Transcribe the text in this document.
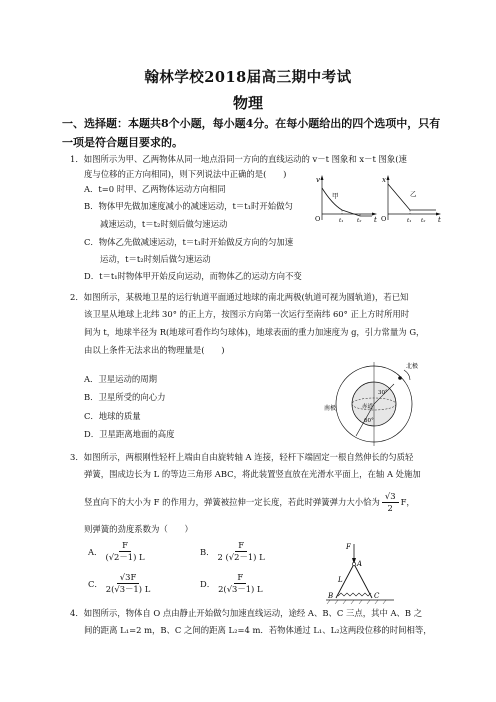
翰林学校2018届高三期中考试
物理
一、选择题：本题共8个小题，每小题4分。在每小题给出的四个选项中，只有
一项是符合题目要求的。
1．如图所示为甲、乙两物体从同一地点沿同一方向的直线运动的 v－t 图象和 x－t 图象(速
度与位移的正方向相同)，则下列说法中正确的是(　　)
A．t=0 时甲、乙两物体运动方向相同
B．物体甲先做加速度减小的减速运动，t＝t₁时开始做匀
减速运动，t＝t₂时刻后做匀速运动
C．物体乙先做减速运动，t＝t₁时开始做反方向的匀加速
运动，t＝t₂时刻后做匀速运动
D．t＝t₁时物体甲开始反向运动，而物体乙的运动方向不变
v
t
O
甲
t₁ t₂
x
t
O
乙
t₁ t₂
2．如图所示，某极地卫星的运行轨道平面通过地球的南北两极(轨道可视为圆轨道)，若已知
该卫星从地球上北纬 30° 的正上方，按图示方向第一次运行至南纬 60° 正上方时所用时
间为 t，地球半径为 R(地球可看作均匀球体)，地球表面的重力加速度为 g，引力常量为 G，
由以上条件无法求出的物理量是(　　)
A．卫星运动的周期
B．卫星所受的向心力
C．地球的质量
D．卫星距离地面的高度
北极
南极	赤道
30°
60°
3．如图所示，两根刚性轻杆上端由自由旋转轴 A 连接，轻杆下端固定一根自然伸长的匀质轻
弹簧，围成边长为 L 的等边三角形 ABC，将此装置竖直放在光滑水平面上，在轴 A 处施加
竖直向下的大小为 F 的作用力，弹簧被拉伸一定长度，若此时弹簧弹力大小恰为 $\frac{√3}{2}$ F，
则弹簧的劲度系数为（　　）
A． $\frac{F}{(√2-1) L}$	B． $\frac{F}{2 (√2-1) L}$
C． $\frac{√3F}{2(√3-1) L}$	D． $\frac{F}{2(√3-1) L}$
F
A
L
B	C
4．如图所示，物体自 O 点由静止开始做匀加速直线运动，途经 A、B、C 三点，其中 A、B 之
间的距离 L₁=2 m，B、C 之间的距离 L₂=4 m．若物体通过 L₁、L₂这两段位移的时间相等，
